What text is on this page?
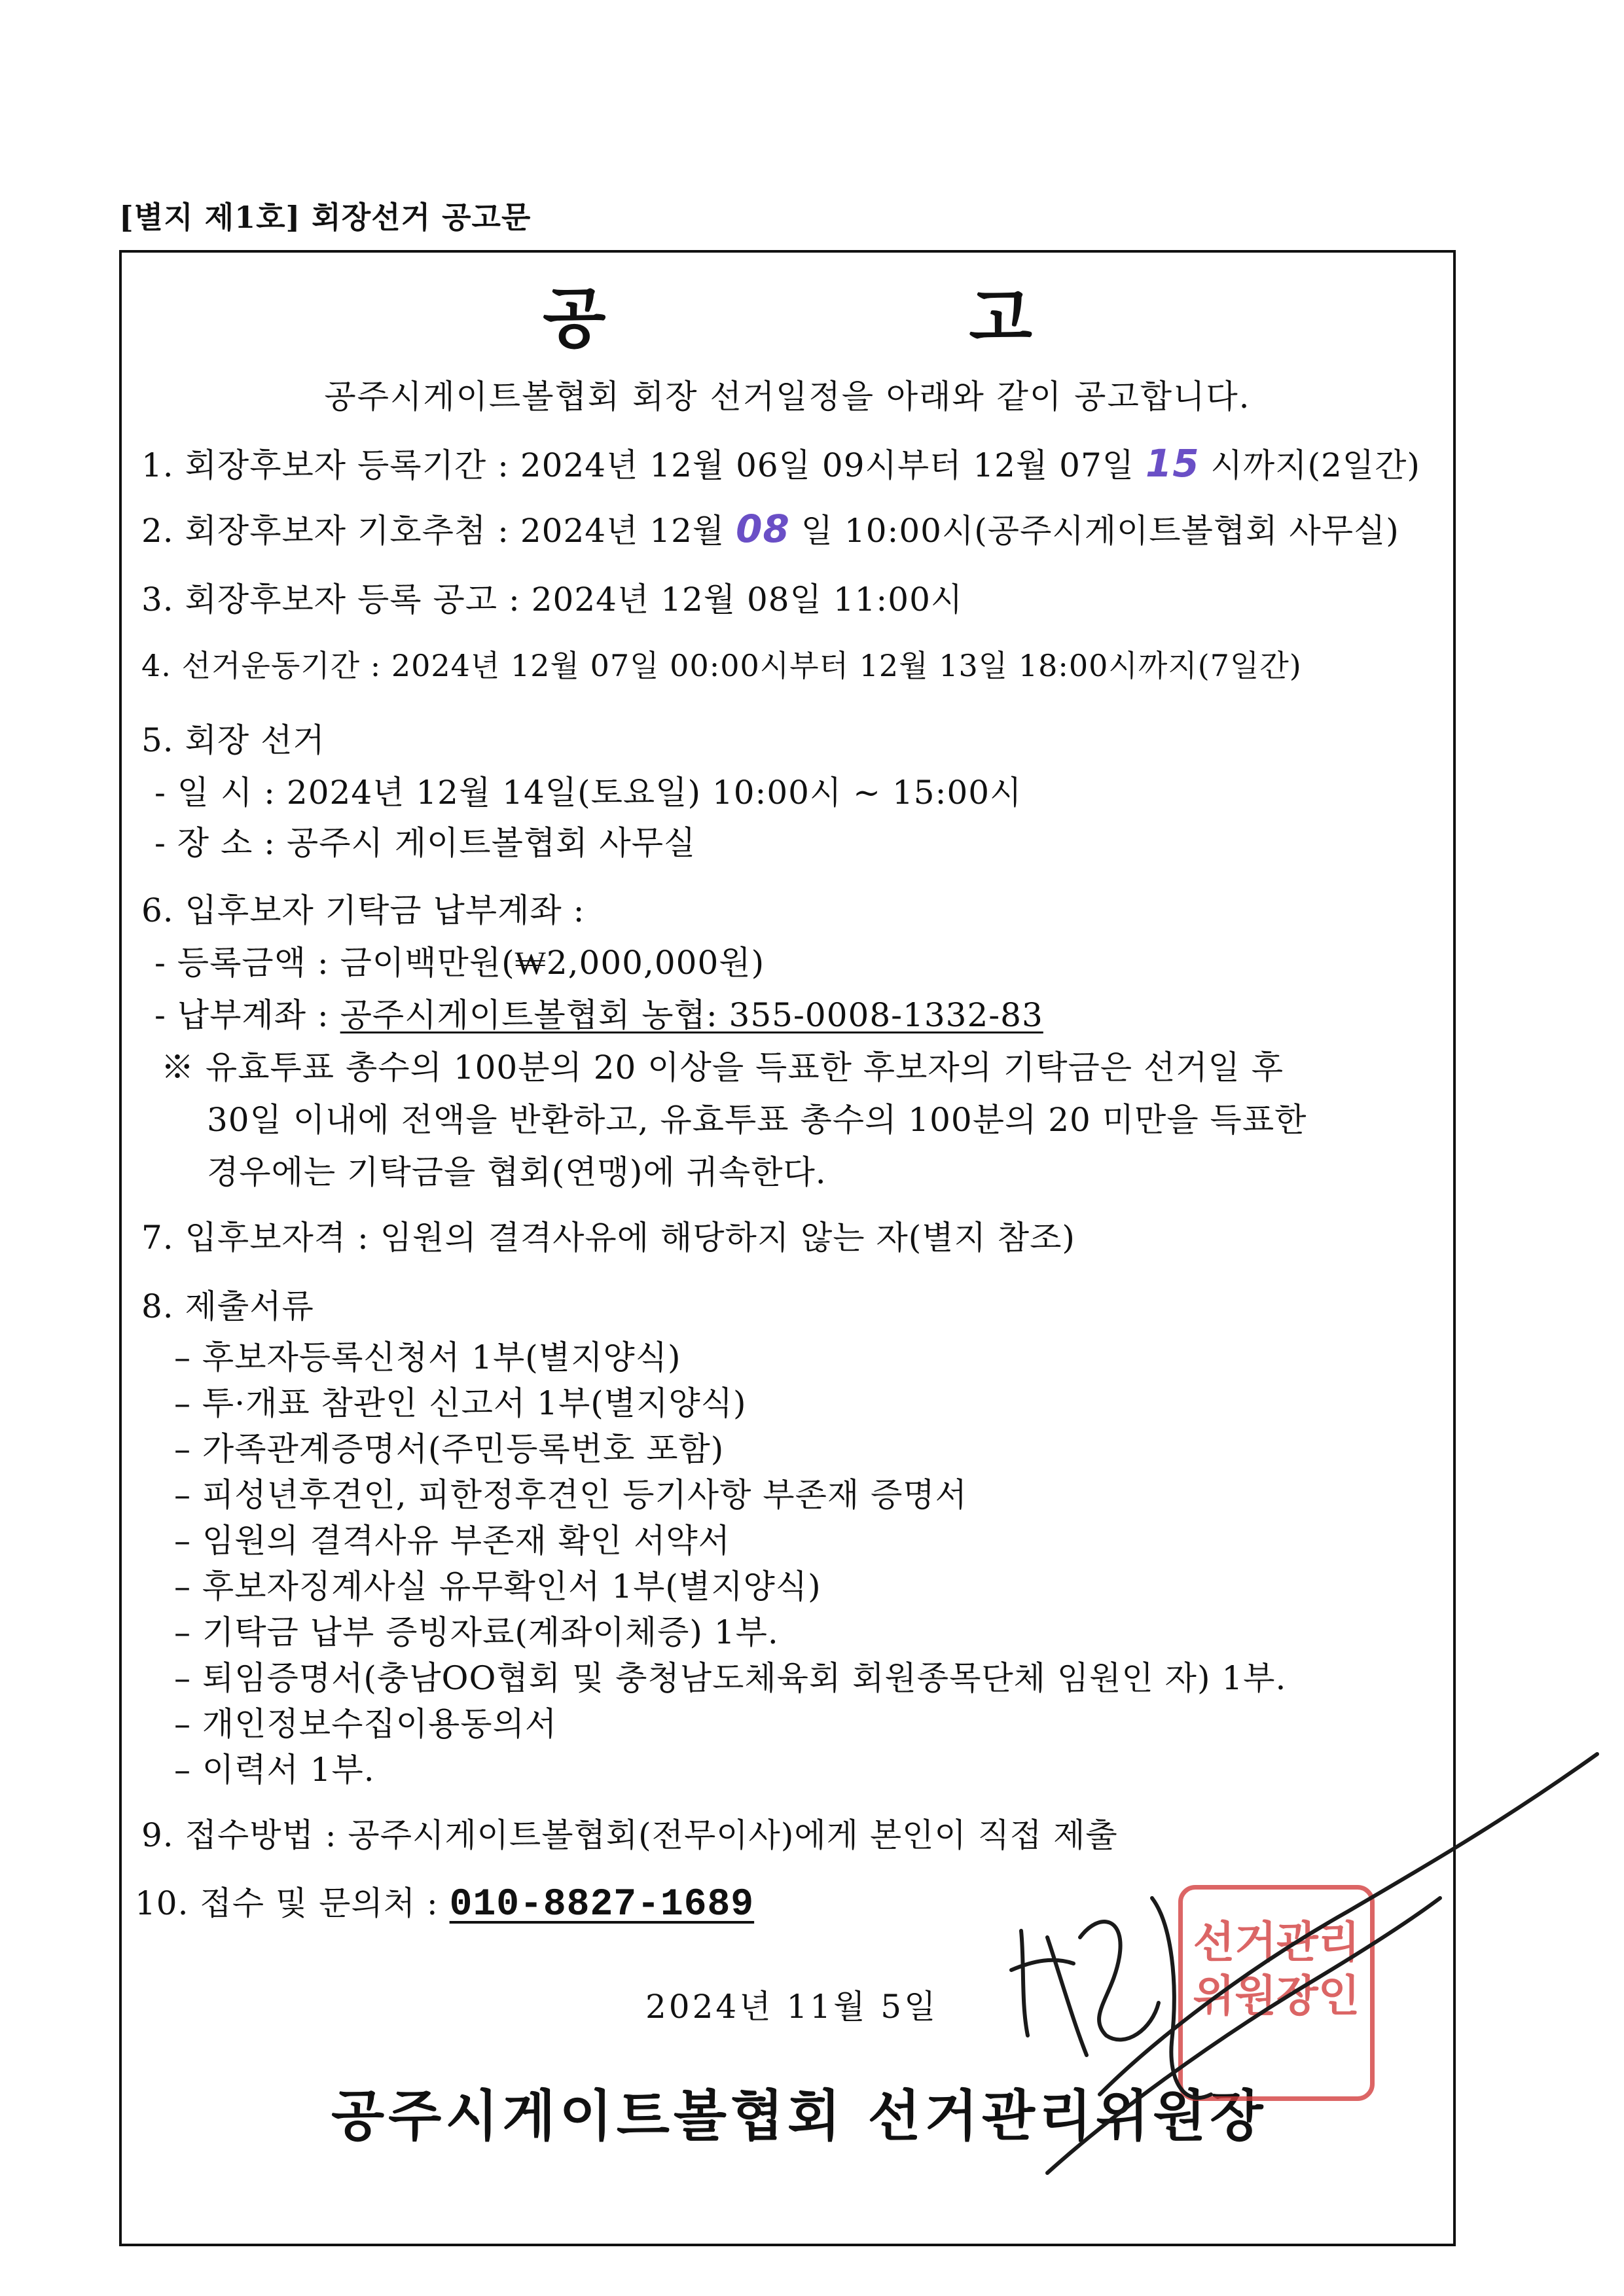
[별지 제1호] 회장선거 공고문
공 고
공주시게이트볼협회 회장 선거일정을 아래와 같이 공고합니다.
1. 회장후보자 등록기간 : 2024년 12월 06일 09시부터 12월 07일 15 시까지(2일간)
2. 회장후보자 기호추첨 : 2024년 12월 08 일 10:00시(공주시게이트볼협회 사무실)
3. 회장후보자 등록 공고 : 2024년 12월 08일 11:00시
4. 선거운동기간 : 2024년 12월 07일 00:00시부터 12월 13일 18:00시까지(7일간)
5. 회장 선거
- 일 시 : 2024년 12월 14일(토요일) 10:00시 ~ 15:00시
- 장 소 : 공주시 게이트볼협회 사무실
6. 입후보자 기탁금 납부계좌 :
- 등록금액 : 금이백만원(₩2,000,000원)
- 납부계좌 : 공주시게이트볼협회 농협: 355-0008-1332-83
※ 유효투표 총수의 100분의 20 이상을 득표한 후보자의 기탁금은 선거일 후
30일 이내에 전액을 반환하고, 유효투표 총수의 100분의 20 미만을 득표한
경우에는 기탁금을 협회(연맹)에 귀속한다.
7. 입후보자격 : 임원의 결격사유에 해당하지 않는 자(별지 참조)
8. 제출서류
– 후보자등록신청서 1부(별지양식)
– 투·개표 참관인 신고서 1부(별지양식)
– 가족관계증명서(주민등록번호 포함)
– 피성년후견인, 피한정후견인 등기사항 부존재 증명서
– 임원의 결격사유 부존재 확인 서약서
– 후보자징계사실 유무확인서 1부(별지양식)
– 기탁금 납부 증빙자료(계좌이체증) 1부.
– 퇴임증명서(충남OO협회 및 충청남도체육회 회원종목단체 임원인 자) 1부.
– 개인정보수집이용동의서
– 이력서 1부.
9. 접수방법 : 공주시게이트볼협회(전무이사)에게 본인이 직접 제출
10. 접수 및 문의처 : 010-8827-1689
2024년 11월 5일
공주시게이트볼협회 선거관리위원장
선거관리
위원장인
